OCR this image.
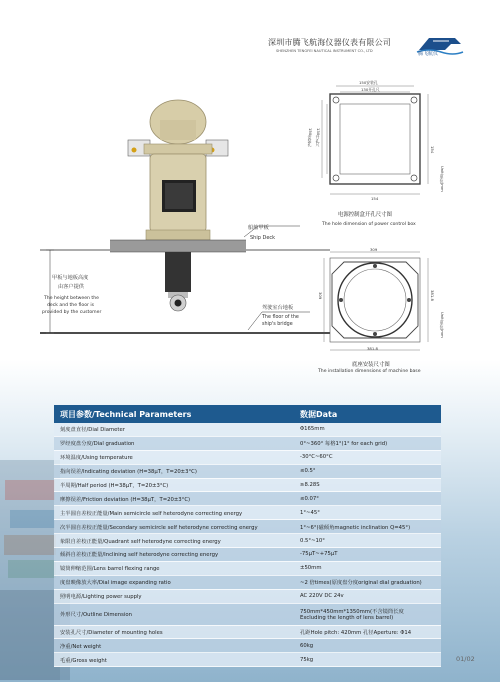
深圳市腾飞航海仪器仪表有限公司
SHENZHEN TENGFEI NAUTICAL INSTRUMENT CO., LTD	腾飞航仪
船舶甲板
Ship Deck
甲板与地板高度
由客户提供
The height between the
deck and the floor is
provided by the customer
驾驶室台地板
The floor of the
ship's bridge
150安装孔
130开孔尺
150安装孔 130开孔尺
154
154
Unit(单位)mm
电源控制盒开孔尺寸图
The hole dimension of power control box
309
381.8
309	381.8
Unit(单位)mm
底座安装尺寸图
The installation dimensions of machine base
项目参数/Technical Parameters	数据Data
刻度盘直径/Dial Diameter	Φ165mm
罗经度盘分度/Dial graduation	0°~360° 每格1°(1° for each grid)
环境温度/Using temperature	-30°C~60°C
指向误差/Indicating deviation (H=38μT，T=20±3°C)	≤0.5°
半周期/Half period (H=38μT，T=20±3°C)	≥8.28S
摩擦误差/Friction deviation (H=38μT，T=20±3°C)	≤0.07°
主半圆自差校正能量/Main semicircle self heterodyne correcting energy	1°~45°
次半圆自差校正能量/Secondary semicircle self heterodyne correcting energy	1°~6°(磁倾角magnetic inclination Q=45°)
象限自差校正能量/Quadrant self heterodyne correcting energy	0.5°~10°
倾斜自差校正能量/Inclining self heterodyne correcting energy	-75μT~+75μT
镜筒伸缩范围/Lens barrel flexing range	±50mm
度盘映像放大率/Dial image expanding ratio	~2 倍times(原度盘分度original dial graduation)
照明电源/Lighting power supply	AC 220V DC 24v
外形尺寸/Outline Dimension	750mm*450mm*1350mm(不含镜筒长度
Excluding the length of lens barrel)

安装孔尺寸/Diameter of mounting holes	孔距Hole pitch: 420mm 孔径Aperture: Φ14
净重/Net weight	60kg
毛重/Gross weight	75kg	01/02
